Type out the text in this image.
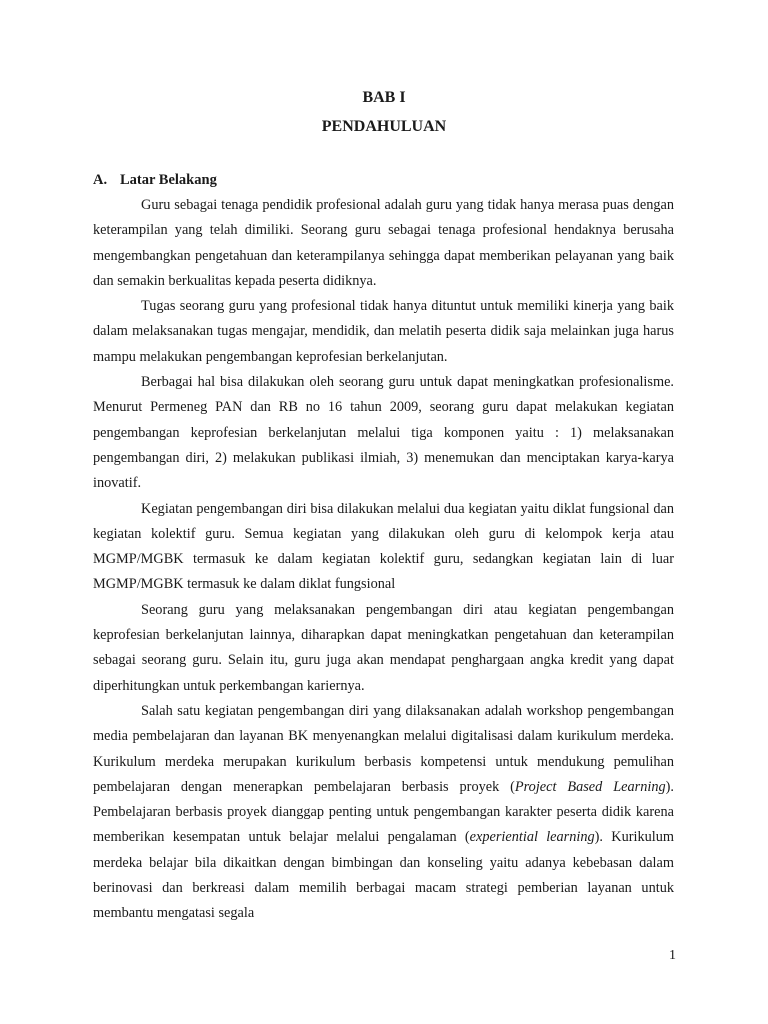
BAB I
PENDAHULUAN
A. Latar Belakang

Guru sebagai tenaga pendidik profesional adalah guru yang tidak hanya merasa puas dengan keterampilan yang telah dimiliki. Seorang guru sebagai tenaga profesional hendaknya berusaha mengembangkan pengetahuan dan keterampilanya sehingga dapat memberikan pelayanan yang baik dan semakin berkualitas kepada peserta didiknya.

Tugas seorang guru yang profesional tidak hanya dituntut untuk memiliki kinerja yang baik dalam melaksanakan tugas mengajar, mendidik, dan melatih peserta didik saja melainkan juga harus mampu melakukan pengembangan keprofesian berkelanjutan.

Berbagai hal bisa dilakukan oleh seorang guru untuk dapat meningkatkan profesionalisme. Menurut Permeneg PAN dan RB no 16 tahun 2009, seorang guru dapat melakukan kegiatan pengembangan keprofesian berkelanjutan melalui tiga komponen yaitu : 1) melaksanakan pengembangan diri, 2) melakukan publikasi ilmiah, 3) menemukan dan menciptakan karya-karya inovatif.

Kegiatan pengembangan diri bisa dilakukan melalui dua kegiatan yaitu diklat fungsional dan kegiatan kolektif guru. Semua kegiatan yang dilakukan oleh guru di kelompok kerja atau MGMP/MGBK termasuk ke dalam kegiatan kolektif guru, sedangkan kegiatan lain di luar MGMP/MGBK termasuk ke dalam diklat fungsional

Seorang guru yang melaksanakan pengembangan diri atau kegiatan pengembangan keprofesian berkelanjutan lainnya, diharapkan dapat meningkatkan pengetahuan dan keterampilan sebagai seorang guru. Selain itu, guru juga akan mendapat penghargaan angka kredit yang dapat diperhitungkan untuk perkembangan kariernya.

Salah satu kegiatan pengembangan diri yang dilaksanakan adalah workshop pengembangan media pembelajaran dan layanan BK menyenangkan melalui digitalisasi dalam kurikulum merdeka. Kurikulum merdeka merupakan kurikulum berbasis kompetensi untuk mendukung pemulihan pembelajaran dengan menerapkan pembelajaran berbasis proyek (Project Based Learning). Pembelajaran berbasis proyek dianggap penting untuk pengembangan karakter peserta didik karena memberikan kesempatan untuk belajar melalui pengalaman (experiential learning). Kurikulum merdeka belajar bila dikaitkan dengan bimbingan dan konseling yaitu adanya kebebasan dalam berinovasi dan berkreasi dalam memilih berbagai macam strategi pemberian layanan untuk membantu mengatasi segala

1
